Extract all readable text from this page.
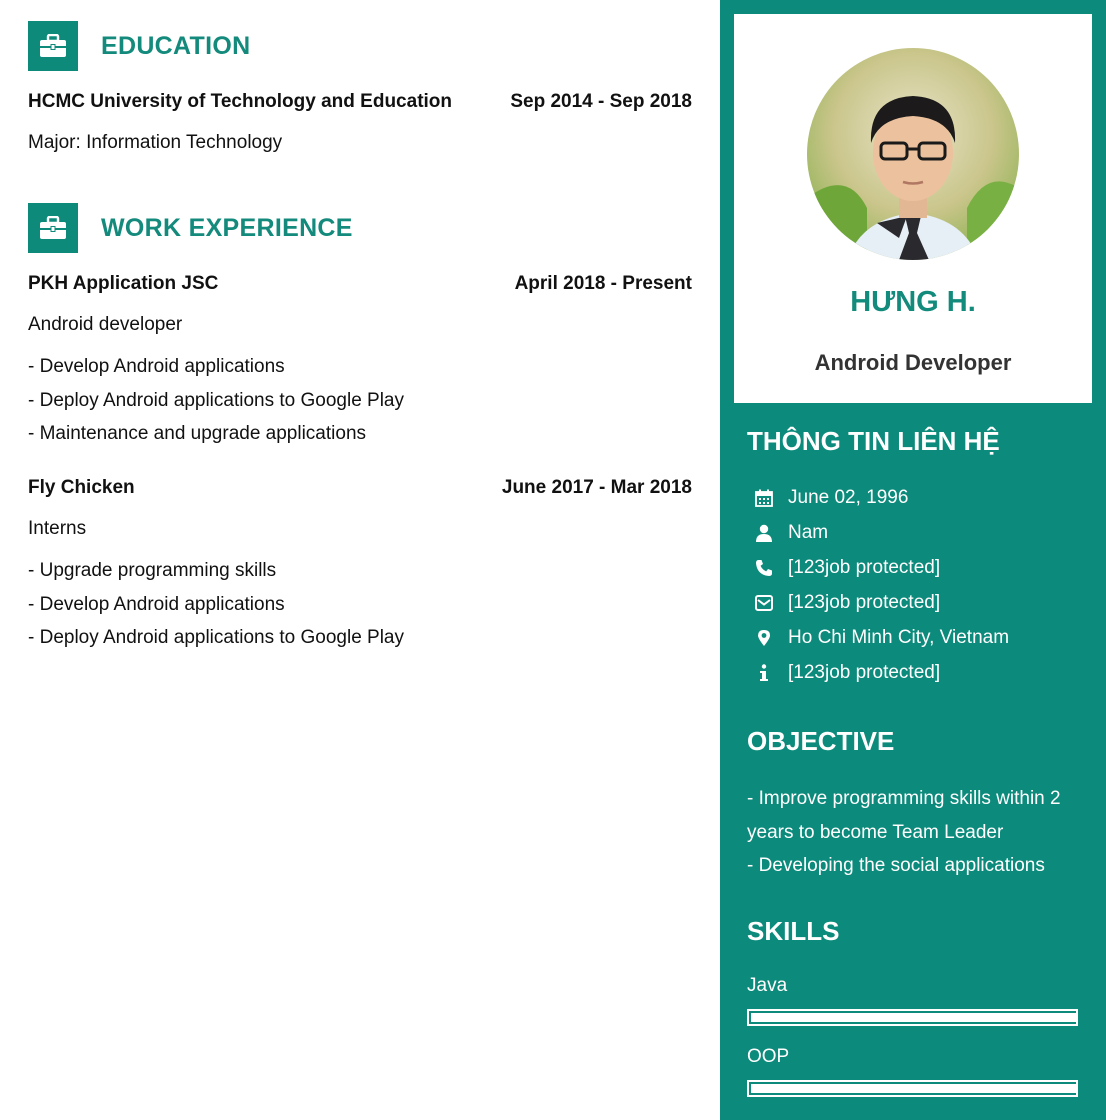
EDUCATION
HCMC University of Technology and Education	Sep 2014 - Sep 2018
Major: Information Technology
WORK EXPERIENCE
PKH Application JSC	April 2018 - Present
Android developer
- Develop Android applications
- Deploy Android applications to Google Play
- Maintenance and upgrade applications
Fly Chicken	June 2017 - Mar 2018
Interns
- Upgrade programming skills
- Develop Android applications
- Deploy Android applications to Google Play
HƯNG H.
Android Developer
THÔNG TIN LIÊN HỆ
June 02, 1996
Nam
[123job protected]
[123job protected]
Ho Chi Minh City, Vietnam
[123job protected]
OBJECTIVE
- Improve programming skills within 2 years to become Team Leader
- Developing the social applications
SKILLS
Java
OOP
